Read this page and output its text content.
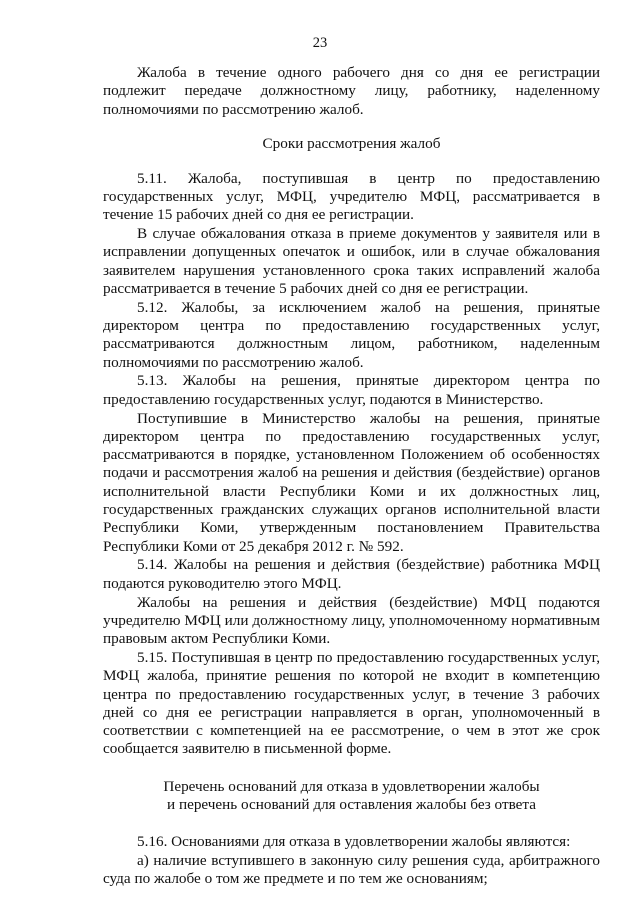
23

Жалоба в течение одного рабочего дня со дня ее регистрации подлежит передаче должностному лицу, работнику, наделенному полномочиями по рассмотрению жалоб.

Сроки рассмотрения жалоб

5.11. Жалоба, поступившая в центр по предоставлению государственных услуг, МФЦ, учредителю МФЦ, рассматривается в течение 15 рабочих дней со дня ее регистрации.

В случае обжалования отказа в приеме документов у заявителя или в исправлении допущенных опечаток и ошибок, или в случае обжалования заявителем нарушения установленного срока таких исправлений жалоба рассматривается в течение 5 рабочих дней со дня ее регистрации.

5.12. Жалобы, за исключением жалоб на решения, принятые директором центра по предоставлению государственных услуг, рассматриваются должностным лицом, работником, наделенным полномочиями по рассмотрению жалоб.

5.13. Жалобы на решения, принятые директором центра по предоставлению государственных услуг, подаются в Министерство.

Поступившие в Министерство жалобы на решения, принятые директором центра по предоставлению государственных услуг, рассматриваются в порядке, установленном Положением об особенностях подачи и рассмотрения жалоб на решения и действия (бездействие) органов исполнительной власти Республики Коми и их должностных лиц, государственных гражданских служащих органов исполнительной власти Республики Коми, утвержденным постановлением Правительства Республики Коми от 25 декабря 2012 г. № 592.

5.14. Жалобы на решения и действия (бездействие) работника МФЦ подаются руководителю этого МФЦ.

Жалобы на решения и действия (бездействие) МФЦ подаются учредителю МФЦ или должностному лицу, уполномоченному нормативным правовым актом Республики Коми.

5.15. Поступившая в центр по предоставлению государственных услуг, МФЦ жалоба, принятие решения по которой не входит в компетенцию центра по предоставлению государственных услуг, в течение 3 рабочих дней со дня ее регистрации направляется в орган, уполномоченный в соответствии с компетенцией на ее рассмотрение, о чем в этот же срок сообщается заявителю в письменной форме.

Перечень оснований для отказа в удовлетворении жалобы

и перечень оснований для оставления жалобы без ответа

5.16. Основаниями для отказа в удовлетворении жалобы являются:

а) наличие вступившего в законную силу решения суда, арбитражного суда по жалобе о том же предмете и по тем же основаниям;
